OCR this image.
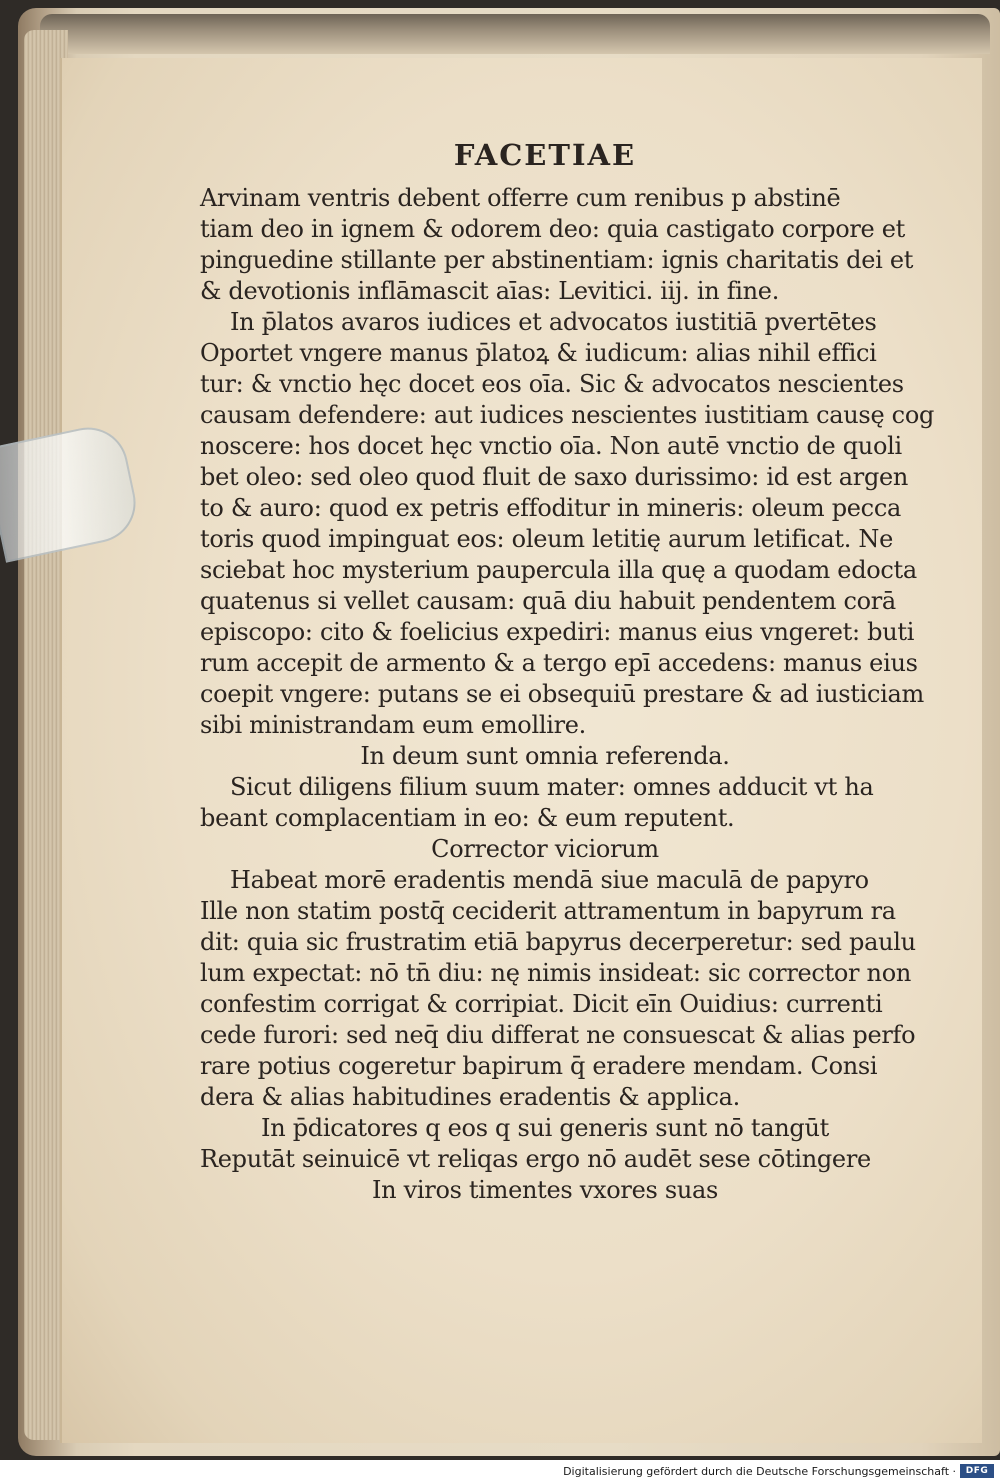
FACETIAE
Arvinam ventris debent offerre cum renibus p abstinē
tiam deo in ignem & odorem deo: quia castigato corpore et
pinguedine stillante per abstinentiam: ignis charitatis dei et
& devotionis inflāmascit aīas: Levitici. iij. in fine.
In p̄latos avaros iudices et advocatos iustitiā pvertētes
Oportet vngere manus p̄latoꝝ & iudicum: alias nihil effici
tur: & vnctio hęc docet eos oīa. Sic & advocatos nescientes
causam defendere: aut iudices nescientes iustitiam causę cog
noscere: hos docet hęc vnctio oīa. Non autē vnctio de quoli
bet oleo: sed oleo quod fluit de saxo durissimo: id est argen
to & auro: quod ex petris effoditur in mineris: oleum pecca
toris quod impinguat eos: oleum letitię aurum letificat. Ne
sciebat hoc mysterium paupercula illa quę a quodam edocta
quatenus si vellet causam: quā diu habuit pendentem corā
episcopo: cito & foelicius expediri: manus eius vngeret: buti
rum accepit de armento & a tergo epī accedens: manus eius
coepit vngere: putans se ei obsequiū prestare & ad iusticiam
sibi ministrandam eum emollire.
In deum sunt omnia referenda.
Sicut diligens filium suum mater: omnes adducit vt ha
beant complacentiam in eo: & eum reputent.
Corrector viciorum
Habeat morē eradentis mendā siue maculā de papyro
Ille non statim postq̄ ceciderit attramentum in bapyrum ra
dit: quia sic frustratim etiā bapyrus decerperetur: sed paulu
lum expectat: nō tn̄ diu: nę nimis insideat: sic corrector non
confestim corrigat & corripiat. Dicit eīn Ouidius: currenti
cede furori: sed neq̄ diu differat ne consuescat & alias perfo
rare potius cogeretur bapirum q̄ eradere mendam. Consi
dera & alias habitudines eradentis & applica.
In p̄dicatores q eos q sui generis sunt nō tangūt
Reputāt seinuicē vt reliqas ergo nō audēt sese cōtingere
In viros timentes vxores suas
Digitalisierung gefördert durch die Deutsche Forschungsgemeinschaft ·	DFG
